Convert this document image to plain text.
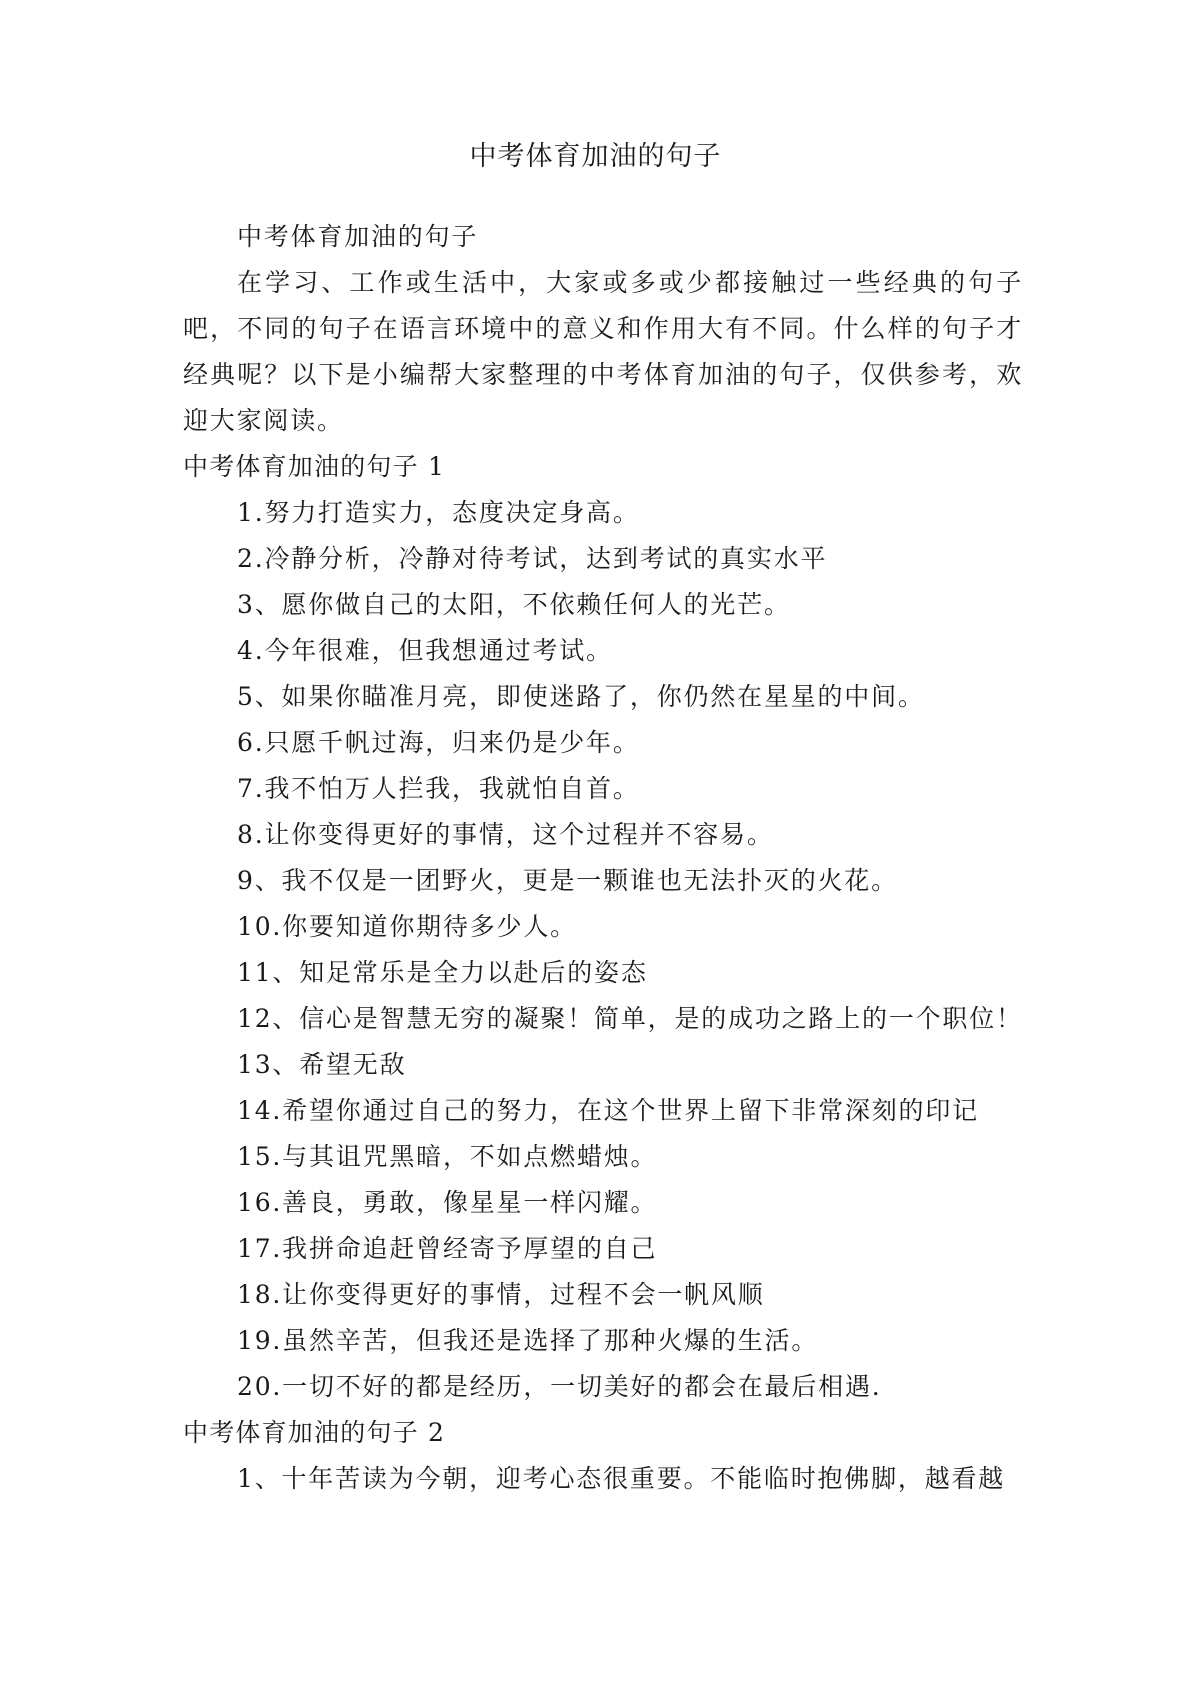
中考体育加油的句子

中考体育加油的句子

在学习、工作或生活中，大家或多或少都接触过一些经典的句子吧，不同的句子在语言环境中的意义和作用大有不同。什么样的句子才经典呢？以下是小编帮大家整理的中考体育加油的句子，仅供参考，欢迎大家阅读。

中考体育加油的句子 1

1.努力打造实力，态度决定身高。

2.冷静分析，冷静对待考试，达到考试的真实水平

3、愿你做自己的太阳，不依赖任何人的光芒。

4.今年很难，但我想通过考试。

5、如果你瞄准月亮，即使迷路了，你仍然在星星的中间。

6.只愿千帆过海，归来仍是少年。

7.我不怕万人拦我，我就怕自首。

8.让你变得更好的事情，这个过程并不容易。

9、我不仅是一团野火，更是一颗谁也无法扑灭的火花。

10.你要知道你期待多少人。

11、知足常乐是全力以赴后的姿态

12、信心是智慧无穷的凝聚！简单，是的成功之路上的一个职位！

13、希望无敌

14.希望你通过自己的努力，在这个世界上留下非常深刻的印记

15.与其诅咒黑暗，不如点燃蜡烛。

16.善良，勇敢，像星星一样闪耀。

17.我拼命追赶曾经寄予厚望的自己

18.让你变得更好的事情，过程不会一帆风顺

19.虽然辛苦，但我还是选择了那种火爆的生活。

20.一切不好的都是经历，一切美好的都会在最后相遇.

中考体育加油的句子 2

1、十年苦读为今朝，迎考心态很重要。不能临时抱佛脚，越看越
